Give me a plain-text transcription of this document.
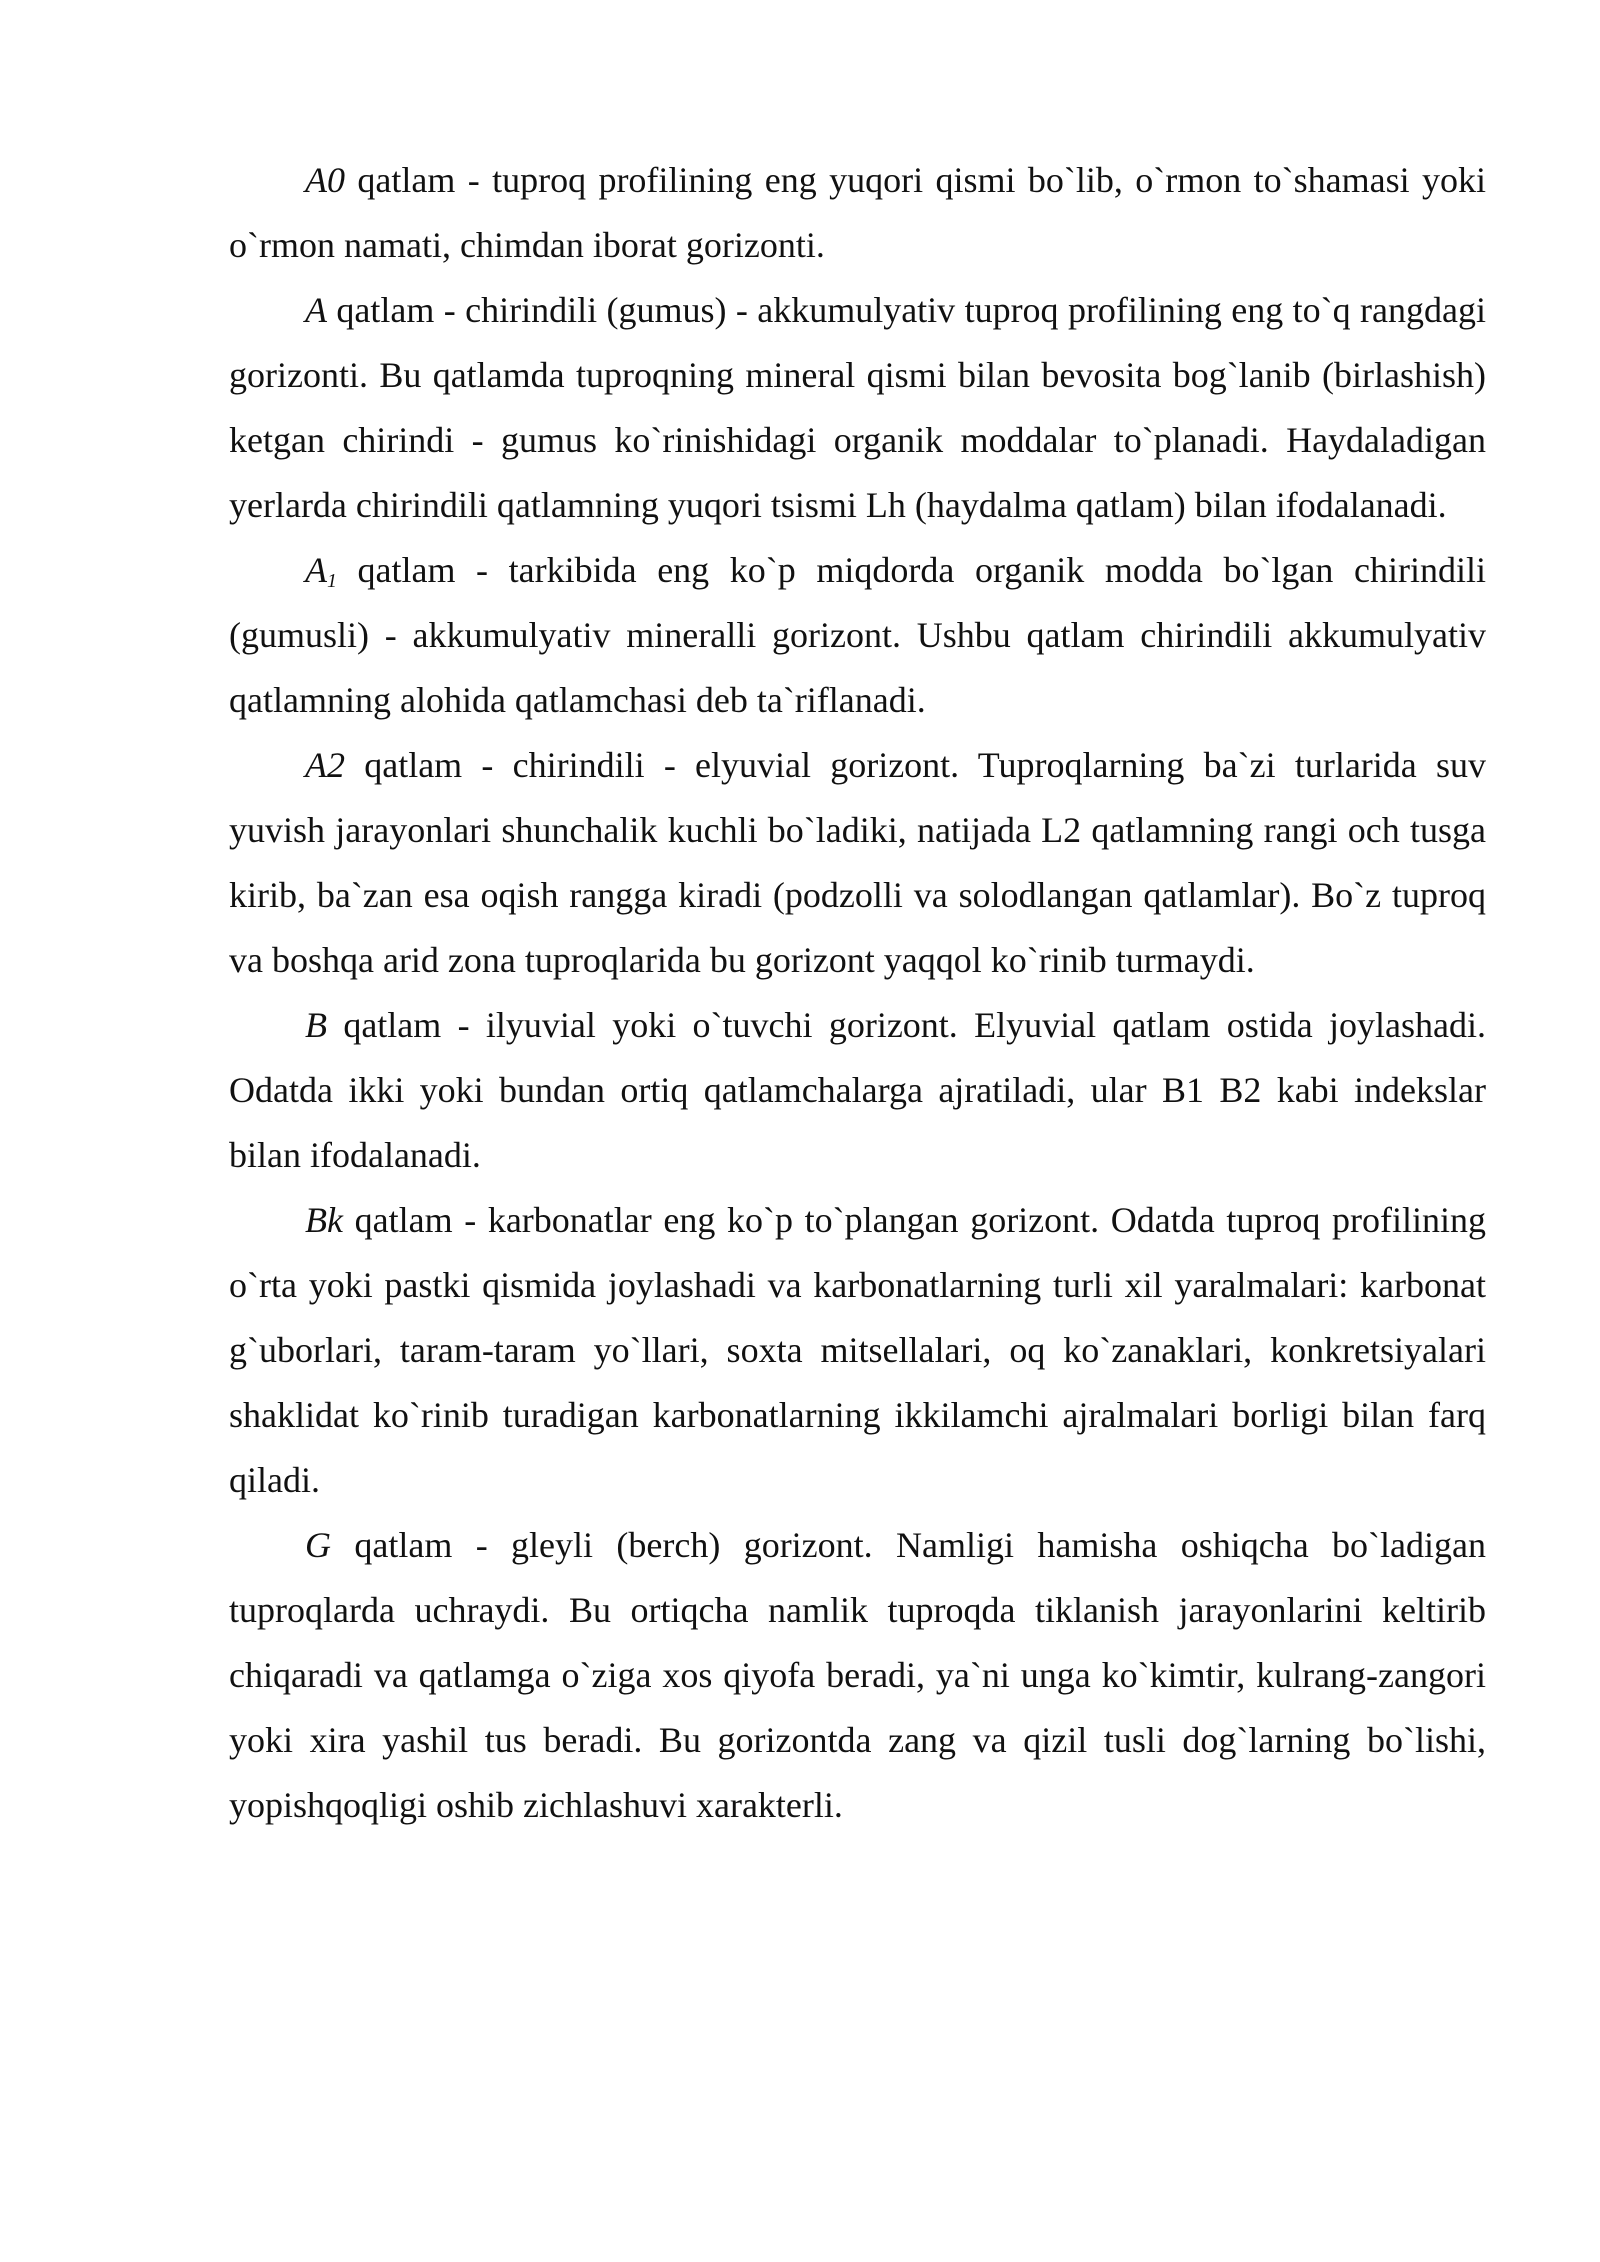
A0 qatlam - tuproq profilining eng yuqori qismi bo`lib, o`rmon to`shamasi yoki o`rmon namati, chimdan iborat gorizonti.

A qatlam - chirindili (gumus) - akkumulyativ tuproq profilining eng to`q rangdagi gorizonti. Bu qatlamda tuproqning mineral qismi bilan bevosita bog`lanib (birlashish) ketgan chirindi - gumus ko`rinishidagi organik moddalar to`planadi. Haydaladigan yerlarda chirindili qatlamning yuqori tsismi Lh (haydalma qatlam) bilan ifodalanadi.

$A_1$ qatlam - tarkibida eng ko`p miqdorda organik modda bo`lgan chirindili (gumusli) - akkumulyativ mineralli gorizont. Ushbu qatlam chirindili akkumulyativ qatlamning alohida qatlamchasi deb ta`riflanadi.

A2 qatlam - chirindili - elyuvial gorizont. Tuproqlarning ba`zi turlarida suv yuvish jarayonlari shunchalik kuchli bo`ladiki, natijada L2 qatlamning rangi och tusga kirib, ba`zan esa oqish rangga kiradi (podzolli va solodlangan qatlamlar). Bo`z tuproq va boshqa arid zona tuproqlarida bu gorizont yaqqol ko`rinib turmaydi.

B qatlam - ilyuvial yoki o`tuvchi gorizont. Elyuvial qatlam ostida joylashadi. Odatda ikki yoki bundan ortiq qatlamchalarga ajratiladi, ular B1 B2 kabi indekslar bilan ifodalanadi.

Bk qatlam - karbonatlar eng ko`p to`plangan gorizont. Odatda tuproq profilining o`rta yoki pastki qismida joylashadi va karbonatlarning turli xil yaralmalari: karbonat g`uborlari, taram-taram yo`llari, soxta mitsellalari, oq ko`zanaklari, konkretsiyalari shaklidat ko`rinib turadigan karbonatlarning ikkilamchi ajralmalari borligi bilan farq qiladi.

G qatlam - gleyli (berch) gorizont. Namligi hamisha oshiqcha bo`ladigan tuproqlarda uchraydi. Bu ortiqcha namlik tuproqda tiklanish jarayonlarini keltirib chiqaradi va qatlamga o`ziga xos qiyofa beradi, ya`ni unga ko`kimtir, kulrang-zangori yoki xira yashil tus beradi. Bu gorizontda zang va qizil tusli dog`larning bo`lishi, yopishqoqligi oshib zichlashuvi xarakterli.
